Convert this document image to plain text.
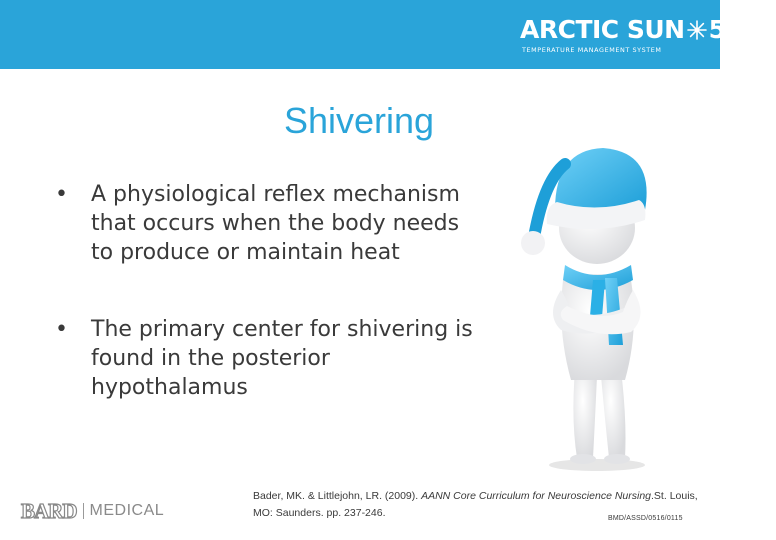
ARCTIC SUN 5000
TEMPERATURE MANAGEMENT SYSTEM
Shivering
• A physiological reflex mechanism that occurs when the body needs to produce or maintain heat
• The primary center for shivering is found in the posterior hypothalamus
Bader, MK. & Littlejohn, LR. (2009). AANN Core Curriculum for Neuroscience Nursing.St. Louis, MO: Saunders. pp. 237-246.	BMD/ASSD/0516/0115
BARD MEDICAL
